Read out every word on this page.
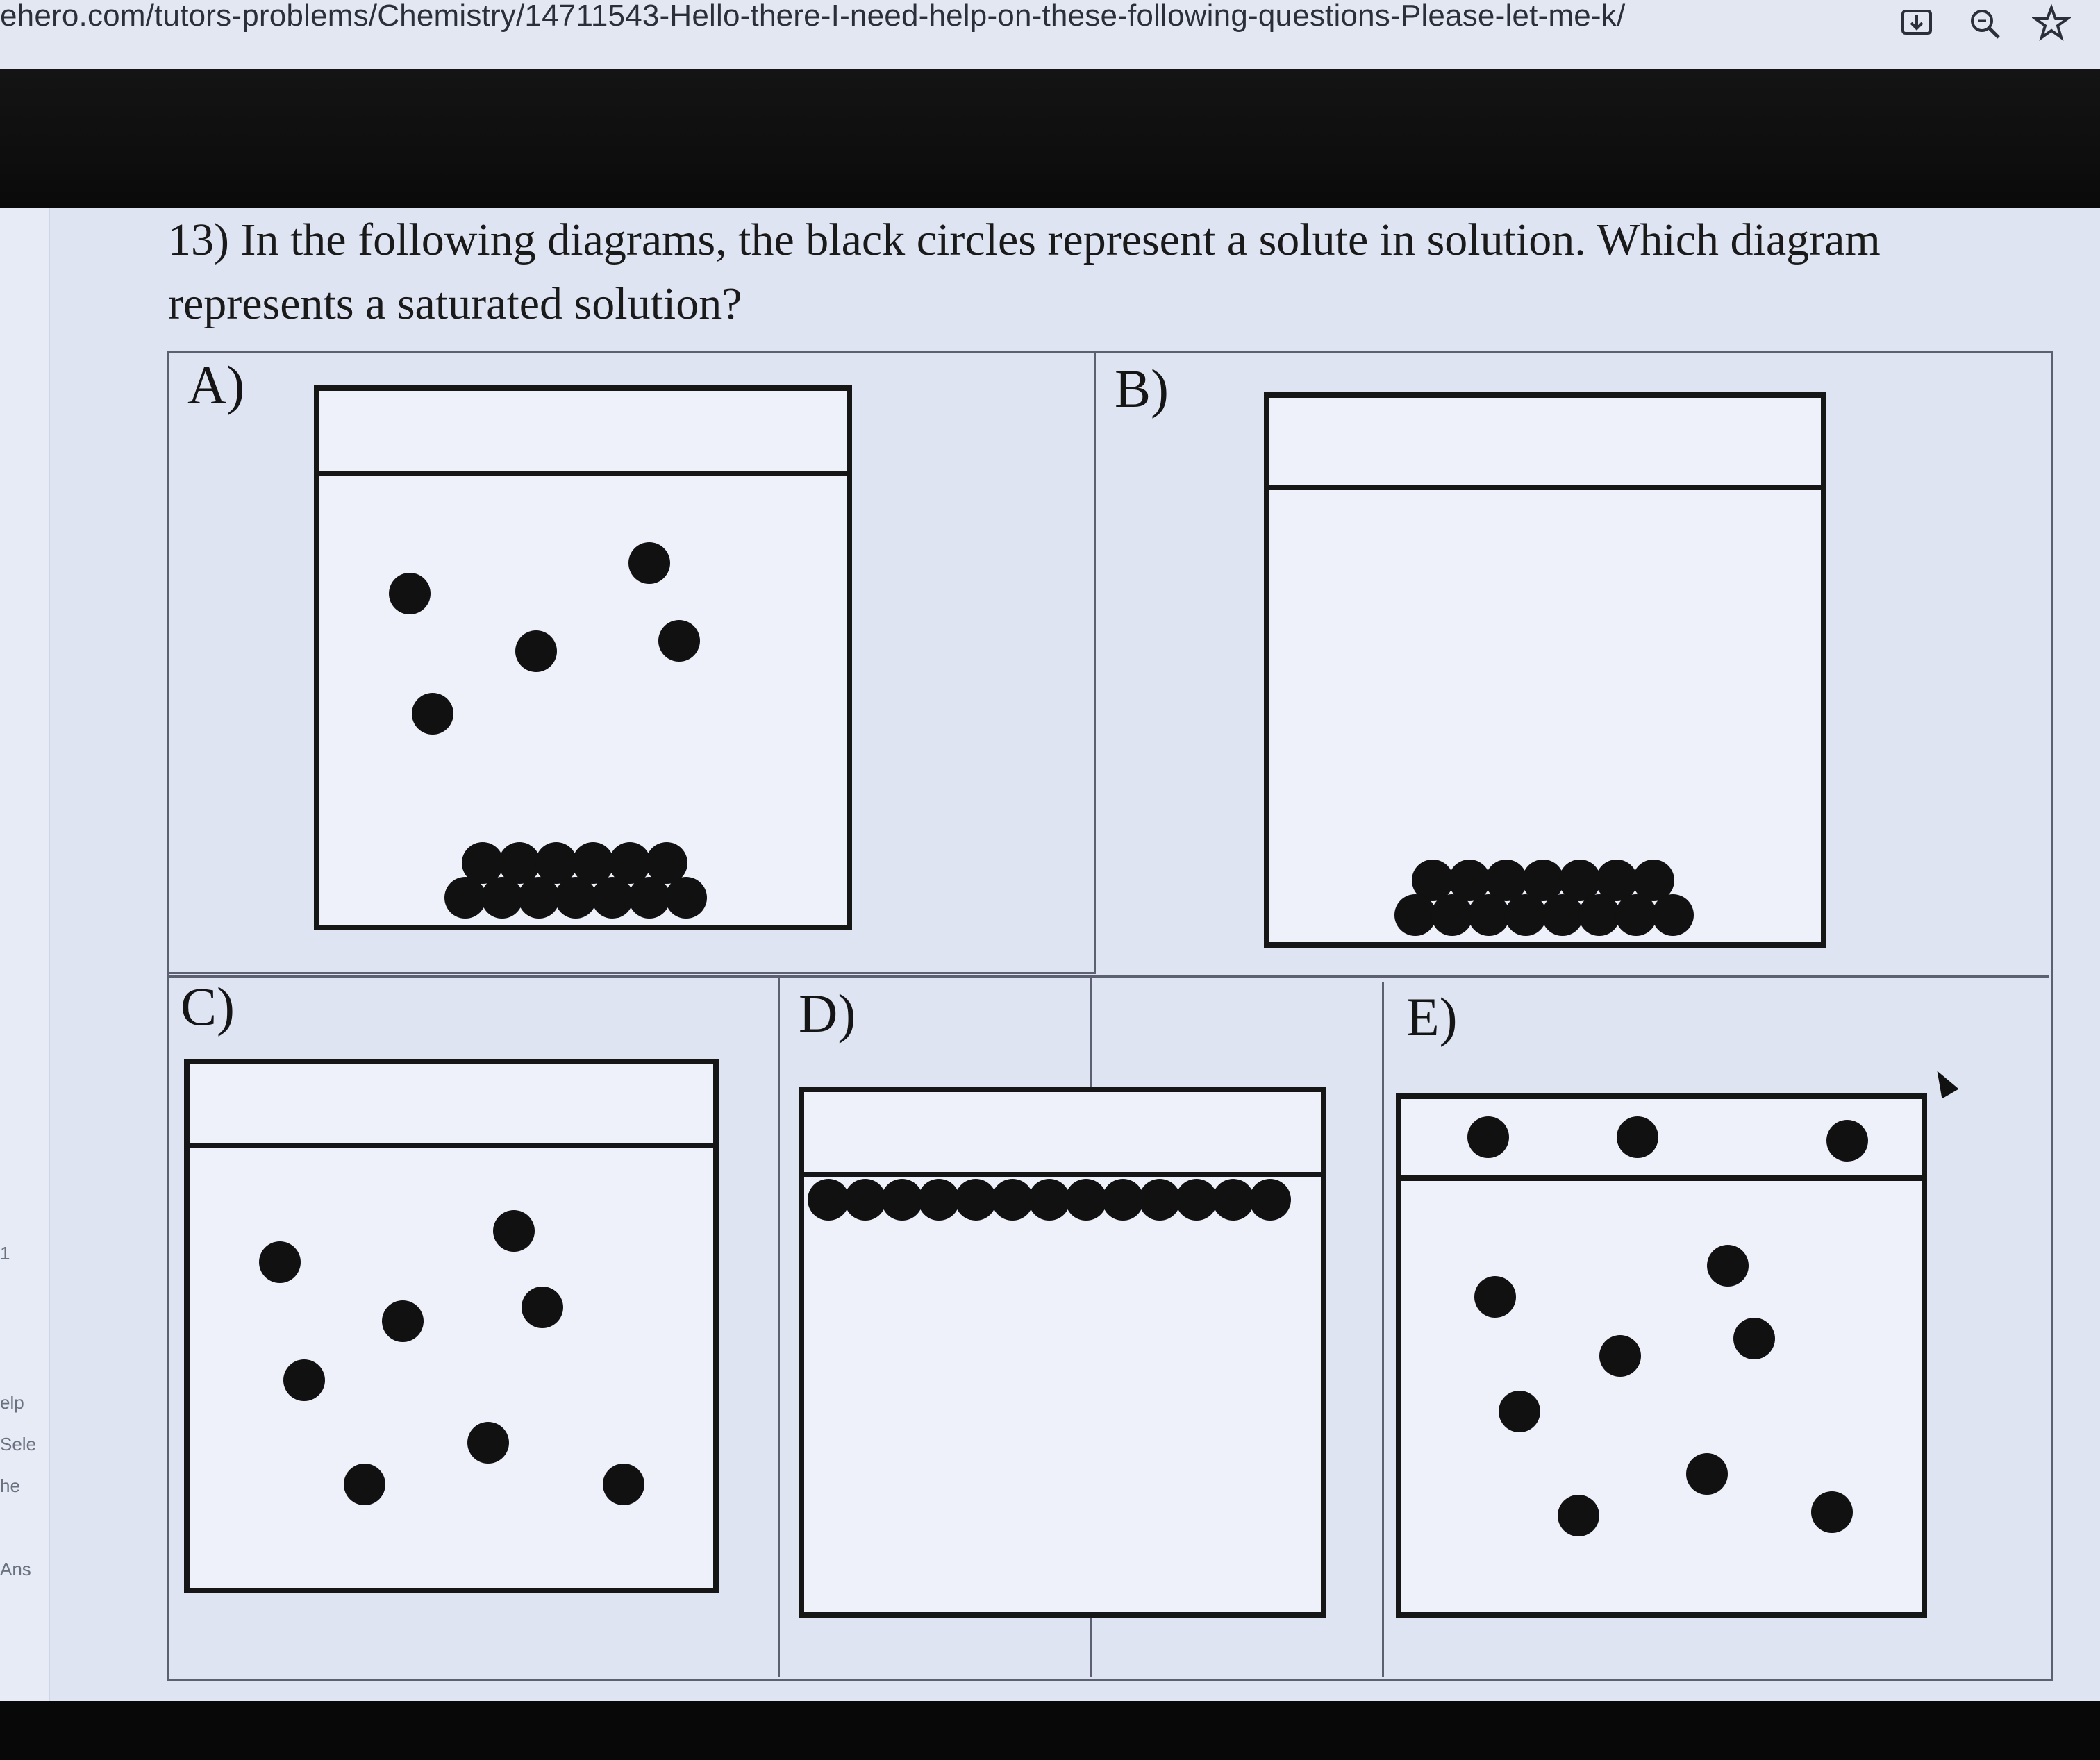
ehero.com/tutors-problems/Chemistry/14711543-Hello-there-I-need-help-on-these-following-questions-Please-let-me-k/
1
elp
Sele
he
Ans
13) In the following diagrams, the black circles represent a solute in solution. Which diagram represents a saturated solution?
A)	B)
C)	D)	E)
